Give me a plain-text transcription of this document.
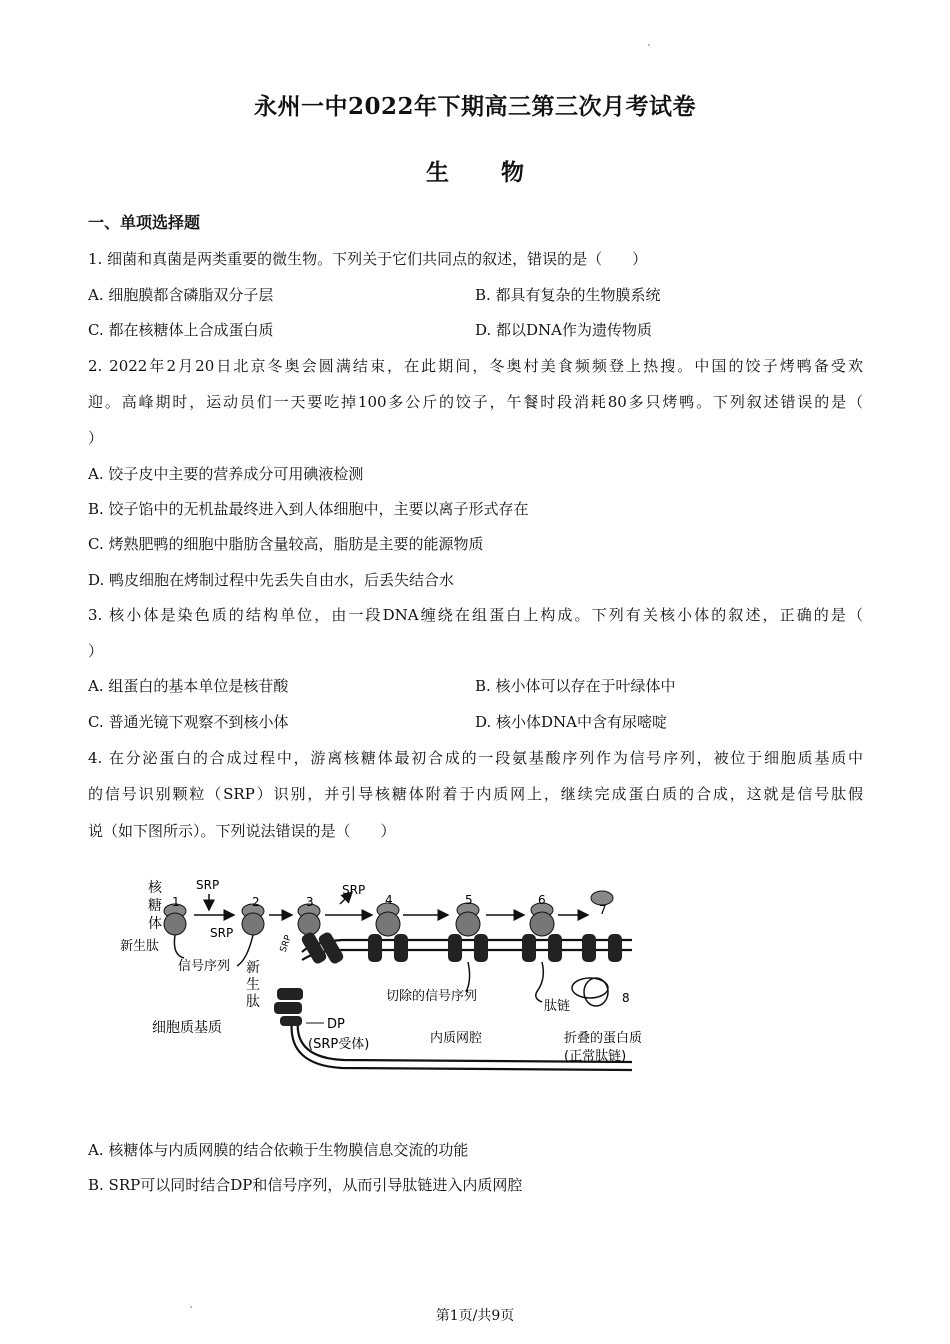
永州一中2022年下期高三第三次月考试卷
生 物
一、单项选择题
1. 细菌和真菌是两类重要的微生物。下列关于它们共同点的叙述，错误的是（　　）
A. 细胞膜都含磷脂双分子层	B. 都具有复杂的生物膜系统
C. 都在核糖体上合成蛋白质	D. 都以DNA作为遗传物质
2. 2022年2月20日北京冬奥会圆满结束，在此期间，冬奥村美食频频登上热搜。中国的饺子烤鸭备受欢
迎。高峰期时，运动员们一天要吃掉100多公斤的饺子，午餐时段消耗80多只烤鸭。下列叙述错误的是（
）
A. 饺子皮中主要的营养成分可用碘液检测
B. 饺子馅中的无机盐最终进入到人体细胞中，主要以离子形式存在
C. 烤熟肥鸭的细胞中脂肪含量较高，脂肪是主要的能源物质
D. 鸭皮细胞在烤制过程中先丢失自由水，后丢失结合水
3. 核小体是染色质的结构单位，由一段DNA缠绕在组蛋白上构成。下列有关核小体的叙述，正确的是（
）
A. 组蛋白的基本单位是核苷酸	B. 核小体可以存在于叶绿体中
C. 普通光镜下观察不到核小体	D. 核小体DNA中含有尿嘧啶
4. 在分泌蛋白的合成过程中，游离核糖体最初合成的一段氨基酸序列作为信号序列，被位于细胞质基质中
的信号识别颗粒（SRP）识别，并引导核糖体附着于内质网上，继续完成蛋白质的合成，这就是信号肽假
说（如下图所示）。下列说法错误的是（　　）
核
糖
体
新生肽
信号序列
SRP
SRP
SRP
SRP
新
生
肽
细胞质基质	DP
(SRP受体)	内质网腔
切除的信号序列
肽链
折叠的蛋白质
(正常肽链)
1	2	3	4	5	6
7
8
A. 核糖体与内质网膜的结合依赖于生物膜信息交流的功能
B. SRP可以同时结合DP和信号序列，从而引导肽链进入内质网腔
第1页/共9页
